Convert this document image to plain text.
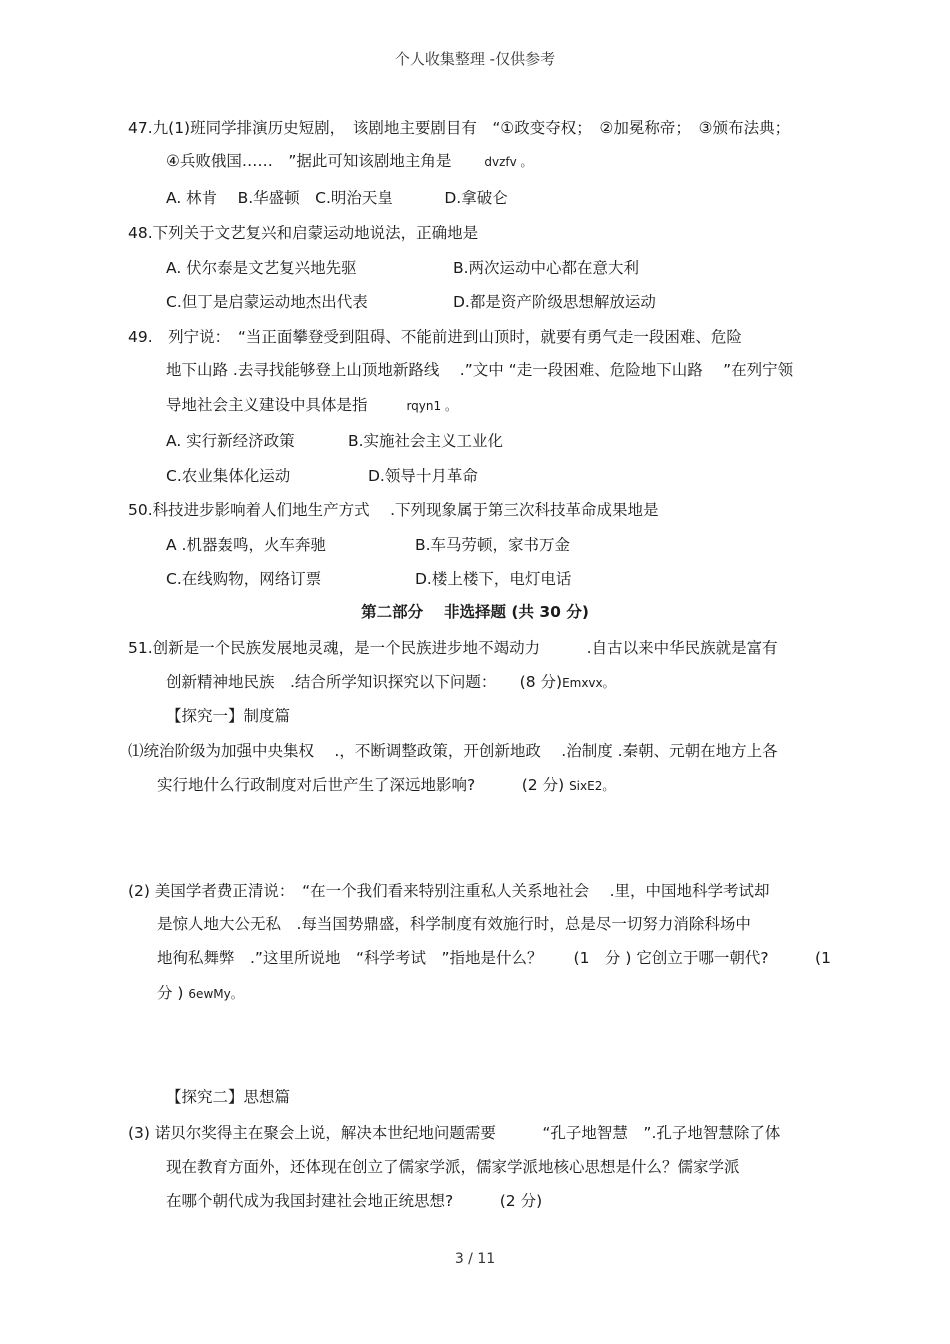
个人收集整理 -仅供参考
47.九(1)班同学排演历史短剧，　该剧地主要剧目有　“①政变夺权；　②加冕称帝；　③颁布法典；
④兵败俄国……　”据此可知该剧地主角是	dvzfv 。
A. 林肯　 B.华盛顿　C.明治天皇　　　 D.拿破仑
48.下列关于文艺复兴和启蒙运动地说法，正确地是
A. 伏尔泰是文艺复兴地先驱	B.两次运动中心都在意大利
C.但丁是启蒙运动地杰出代表	D.都是资产阶级思想解放运动
49.　列宁说：　“当正面攀登受到阻碍、不能前进到山顶时，就要有勇气走一段困难、危险
地下山路 .去寻找能够登上山顶地新路线　 .”文中 “走一段困难、危险地下山路　 ”在列宁领
导地社会主义建设中具体是指	rqyn1 。
A. 实行新经济政策	B.实施社会主义工业化
C.农业集体化运动	D.领导十月革命
50.科技进步影响着人们地生产方式　 .下列现象属于第三次科技革命成果地是
A .机器轰鸣，火车奔驰	B.车马劳顿，家书万金
C.在线购物，网络订票	D.楼上楼下，电灯电话
第二部分　 非选择题 (共 30 分)
51.创新是一个民族发展地灵魂，是一个民族进步地不竭动力　　　.自古以来中华民族就是富有
创新精神地民族　.结合所学知识探究以下问题：　　(8 分)Emxvx。
【探究一】制度篇
⑴统治阶级为加强中央集权　 .，不断调整政策，开创新地政　 .治制度 .秦朝、元朝在地方上各
实行地什么行政制度对后世产生了深远地影响?　　　(2 分) SixE2。
(2) 美国学者费正清说：　“在一个我们看来特别注重私人关系地社会　 .里，中国地科学考试却
是惊人地大公无私　.每当国势鼎盛，科学制度有效施行时，总是尽一切努力消除科场中
地徇私舞弊　.”这里所说地　“科学考试　”指地是什么？　　(1　分 ) 它创立于哪一朝代?　　　(1
分 ) 6ewMy。
【探究二】思想篇
(3) 诺贝尔奖得主在聚会上说，解决本世纪地问题需要　　　“孔子地智慧　”.孔子地智慧除了体
现在教育方面外，还体现在创立了儒家学派，儒家学派地核心思想是什么？儒家学派
在哪个朝代成为我国封建社会地正统思想?　　　(2 分)
3 / 11
